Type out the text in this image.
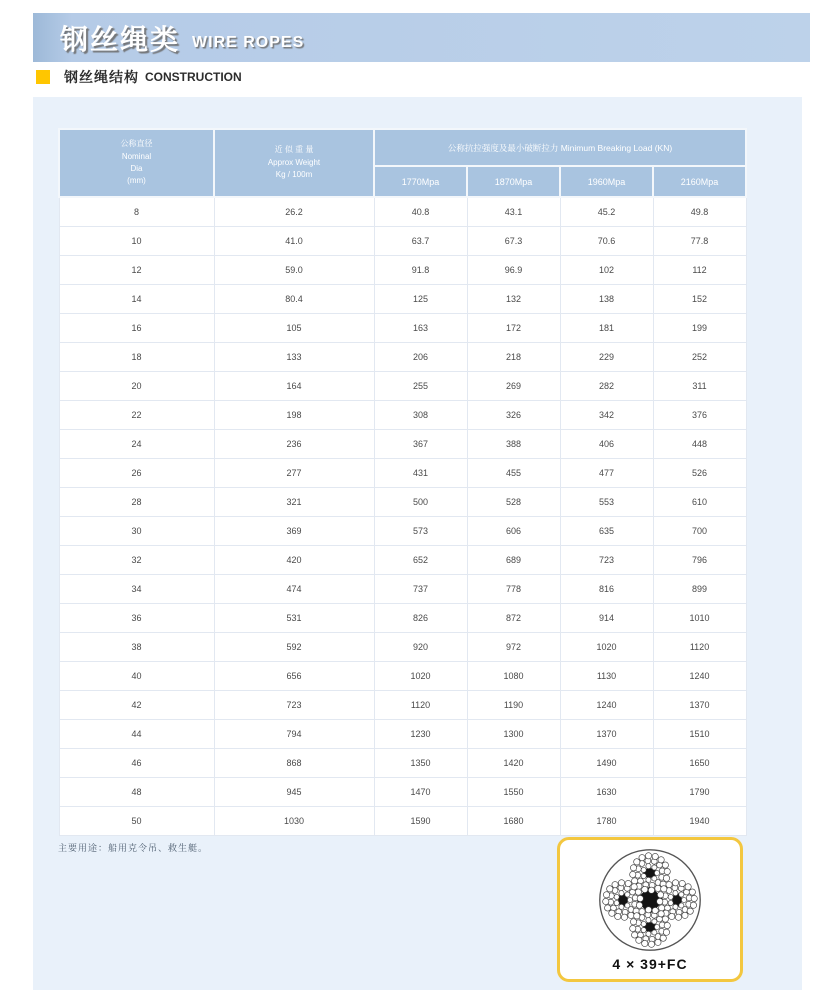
钢丝绳类 WIRE ROPES
钢丝绳结构 CONSTRUCTION
公称直径
Nominal
Dia
(mm)	近 似 重 量
Approx Weight
Kg / 100m	公称抗拉强度及最小破断拉力 Minimum Breaking Load (KN)			
		1770Mpa	1870Mpa	1960Mpa	2160Mpa
8	26.2	40.8	43.1	45.2	49.8
10	41.0	63.7	67.3	70.6	77.8
12	59.0	91.8	96.9	102	112
14	80.4	125	132	138	152
16	105	163	172	181	199
18	133	206	218	229	252
20	164	255	269	282	311
22	198	308	326	342	376
24	236	367	388	406	448
26	277	431	455	477	526
28	321	500	528	553	610
30	369	573	606	635	700
32	420	652	689	723	796
34	474	737	778	816	899
36	531	826	872	914	1010
38	592	920	972	1020	1120
40	656	1020	1080	1130	1240
42	723	1120	1190	1240	1370
44	794	1230	1300	1370	1510
46	868	1350	1420	1490	1650
48	945	1470	1550	1630	1790
50	1030	1590	1680	1780	1940
主要用途：船用克令吊、救生艇。
4 × 39+FC
